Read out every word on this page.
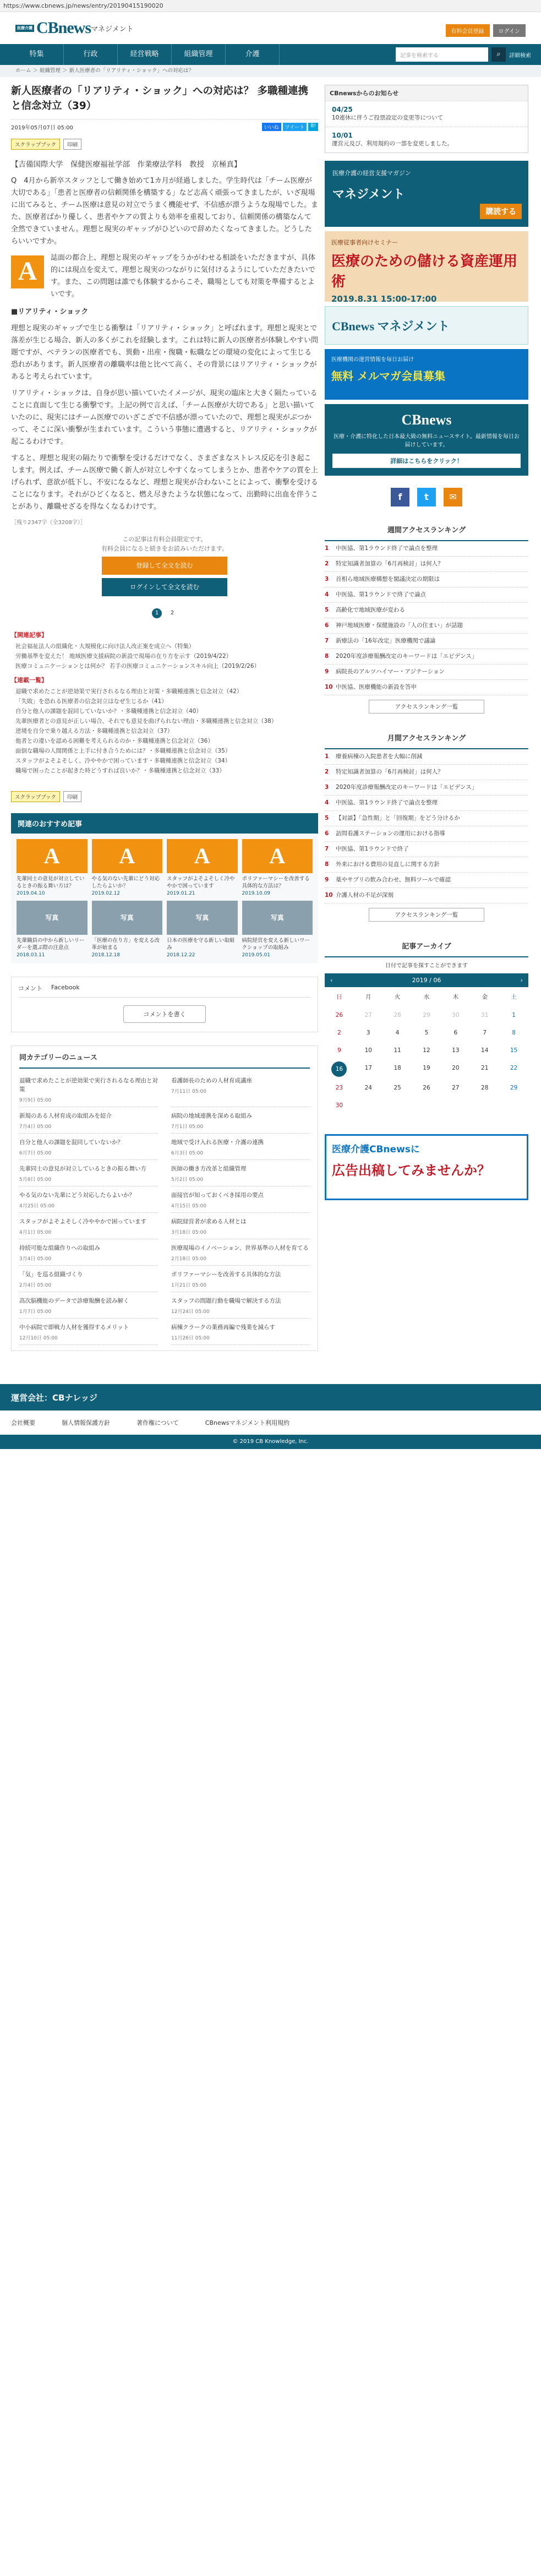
https://www.cbnews.jp/news/entry/20190415190020
医療介護 CBnews マネジメント	有料会員登録	ログイン
特集	行政	経営戦略	組織管理	介護	記事を検索する	⌕	詳細検索
ホーム ＞ 組織管理 ＞ 新人医療者の「リアリティ・ショック」への対応は？
新人医療者の「リアリティ・ショック」への対応は？ 多職種連携と信念対立（39）
2019年05月07日 05:00	いいね	ツイート	B!
スクラップブック	印刷

【吉備国際大学　保健医療福祉学部　作業療法学科　教授　京極真】

Q　4月から新卒スタッフとして働き始めて1カ月が経過しました。学生時代は「チーム医療が大切である」「患者と医療者の信頼関係を構築する」など志高く頑張ってきましたが、いざ現場に出てみると、チーム医療は意見の対立でうまく機能せず、不信感が漂うような現場でした。また、医療者ばかり優しく、患者やケアの質よりも効率を重視しており、信頼関係の構築なんて全然できていません。理想と現実のギャップがひどいので辞めたくなってきました。どうしたらいいですか。

A	誌面の都合上、理想と現実のギャップをうかがわせる相談をいただきますが、具体的には現点を変えて、理想と現実のつながりに気付けるようにしていただきたいです。また、この問題は誰でも体験するからこそ、職場としても対策を準備するとよいです。

■リアリティ・ショック

理想と現実のギャップで生じる衝撃は「リアリティ・ショック」と呼ばれます。理想と現実とで落差が生じる場合、新人の多くがこれを経験します。これは特に新人の医療者が体験しやすい問題ですが、ベテランの医療者でも、異動・出産・復職・転職などの環境の変化によって生じる恐れがあります。新人医療者の離職率は他と比べて高く、その背景にはリアリティ・ショックがあると考えられています。

リアリティ・ショックは、自身が思い描いていたイメージが、現実の臨床と大きく隔たっていることに直面して生じる衝撃です。上記の例で言えば、「チーム医療が大切である」と思い描いていたのに、現実にはチーム医療でのいざこざで不信感が漂っていたので、理想と現実がぶつかって、そこに深い衝撃が生まれています。こういう事態に遭遇すると、リアリティ・ショックが起こるわけです。

すると、理想と現実の隔たりで衝撃を受けるだけでなく、さまざまなストレス反応を引き起こします。例えば、チーム医療で働く新人が対立しやすくなってしまうとか、患者やケアの質を上げられず、意欲が低下し、不安になるなど、理想と現実が合わないことによって、衝撃を受けることになります。それがひどくなると、燃え尽きたような状態になって、出勤時に出血を伴うことがあり、離職せざるを得なくなるわけです。

［残り2347字（全3208字）］
この記事は有料会員限定です。
有料会員になると続きをお読みいただけます。
登録して全文を読む
ログインして全文を読む
1	2
【関連記事】
社会福祉法人の組織化・大規模化に向け法人改正案を成立へ（特集）
労働基準を変えた！ 地域医療支援病院の新設で現場の在り方を示す（2019/4/22）
医療コミュニケーションとは何か？ 若手の医療コミュニケーションスキル向上（2019/2/26）
【連載一覧】
退職で求めたことが逆効果で実行されるなる理由と対策・多職種連携と信念対立（42）
「失敗」を恐れる医療者の信念対立はなぜ生じるか（41）
自分と他人の課題を混同していないか？・多職種連携と信念対立（40）
先輩医療者との意見が正しい場合、それでも意見を曲げられない理由・多職種連携と信念対立（38）
逆境を自分で乗り越える方法・多職種連携と信念対立（37）
他者との違いを認める困難を考えられるのか・多職種連携と信念対立（36）
面倒な職場の人間関係と上手に付き合うためには？・多職種連携と信念対立（35）
スタッフがよそよそしく、冷ややかで困っています・多職種連携と信念対立（34）
職場で困ったことが起きた時どうすれば良いか？・多職種連携と信念対立（33）
スクラップブック	印刷
関連のおすすめ記事
A
先輩同士の意見が対立しているときの振る舞い方は？
2019.04.10
A
やる気のない先輩にどう対応したらよいか？
2019.02.12
A
スタッフがよそよそしく冷ややかで困っています
2019.01.21
A
ポリファーマシーを改善する具体的な方法は？
2019.10.09
写真
先輩職員の中から新しいリーダーを選ぶ際の注意点
2018.03.11
写真
「医療の在り方」を変える改革が始まる
2018.12.18
写真
日本の医療を守る新しい取組み
2018.12.22
写真
病院経営を変える新しいワークショップの取組み
2019.05.01
コメント Facebook
コメントを書く
同カテゴリーのニュース
退職で求めたことが逆効果で実行されるなる理由と対策
9月9日 05:00
看護師長のための人材育成講座
7月11日 05:00
新規のある人材育成の取組みを紹介
7月4日 05:00
病院の地域連携を深める取組み
7月1日 05:00
自分と他人の課題を混同していないか？
6月7日 05:00
地域で受け入れる医療・介護の連携
6月3日 05:00
先輩同士の意見が対立しているときの振る舞い方
5月8日 05:00
医師の働き方改革と組織管理
5月2日 05:00
やる気のない先輩にどう対応したらよいか？
4月25日 05:00
面接官が知っておくべき採用の要点
4月15日 05:00
スタッフがよそよそしく冷ややかで困っています
4月1日 05:00
病院経営者が求める人材とは
3月18日 05:00
持続可能な組織作りへの取組み
3月4日 05:00
医療現場のイノベーション、世界基準の人材を育てる
2月18日 05:00
「気」を巡る組織づくり
2月4日 05:00
ポリファーマシーを改善する具体的な方法
1月21日 05:00
高次脳機能のデータで診療報酬を読み解く
1月7日 05:00
スタッフの問題行動を職場で解決する方法
12月24日 05:00
中小病院で即戦力人材を獲得するメリット
12月10日 05:00
病棟クラークの業務再編で残業を減らす
11月26日 05:00
CBnewsからのお知らせ
04/25
10連休に伴うご投票設定の変更等について
10/01
運営元及び、利用規約の一部を変更しました。
医療介護の経営支援マガジン
マネジメント
購読する
医療従事者向けセミナー
医療のための儲ける資産運用術
2019.8.31 15:00-17:00
CBnews マネジメント
医療機関の運営情報を毎日お届け
無料 メルマガ会員募集
CBnews
医療・介護に特化した日本最大級の無料ニュースサイト。最新情報を毎日お届けしています。
詳細はこちらをクリック！
f	t	✉
週間アクセスランキング
1	中医協、第1ラウンド終了で論点を整理
2	特定知識者加算の「6月再検討」は何人？
3	首相ら地域医療構想を閣議決定の期限は
4	中医協、第1ラウンドで終了で論点
5	高齢化で地域医療が変わる
6	神戸地域医療・保健施設の「人の住まい」が話題
7	新療法の「16年改定」医療機関で議論
8	2020年度診療報酬改定のキーワードは「エビデンス」
9	病院長のアルツハイマー・アジテーション
10 中医協、医療機能の新設を答申
アクセスランキング一覧
月間アクセスランキング
1	療養病棟の入院患者を大幅に削減
2	特定知識者加算の「6月再検討」は何人？
3	2020年度診療報酬改定のキーワードは「エビデンス」
4	中医協、第1ラウンド終了で論点を整理
5	【対談】「急性期」と「回復期」をどう分けるか
6	訪問看護ステーションの運用における指導
7	中医協、第1ラウンドで終了
8	外来における費用の見直しに関する方針
9	薬やサプリの飲み合わせ、無料ツールで確認
10 介護人材の不足が深刻
アクセスランキング一覧
記事アーカイブ
日付で記事を探すことができます
‹	2019 / 06	›
日	月	火	水	木	金	土
26	27	28	29	30	31	1
2	3	4	5	6	7	8
9	10	11	12	13	14	15
16	17	18	19	20	21	22
23	24	25	26	27	28	29
30
医療介護CBnewsに
広告出稿してみませんか？
運営会社：CBナレッジ
会社概要	個人情報保護方針	著作権について	CBnewsマネジメント利用規約
© 2019 CB Knowledge, Inc.
